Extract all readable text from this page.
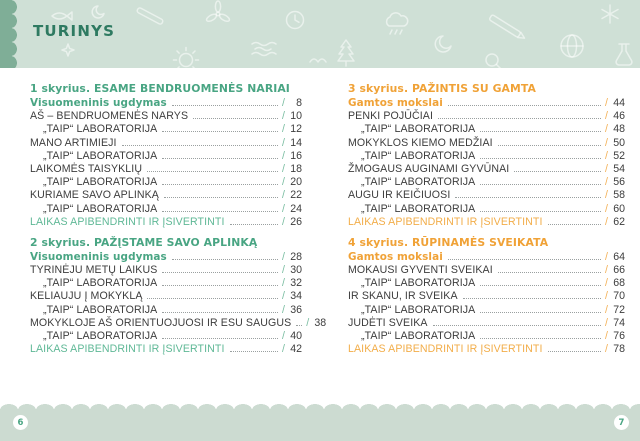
TURINYS
1 skyrius. ESAME BENDRUOMENĖS NARIAI
Visuomeninis ugdymas	/	8
AŠ – BENDRUOMENĖS NARYS	/ 10
„TAIP“ LABORATORIJA	/ 12
MANO ARTIMIEJI	/ 14
„TAIP“ LABORATORIJA	/ 16
LAIKOMĖS TAISYKLIŲ	/ 18
„TAIP“ LABORATORIJA	/ 20
KURIAME SAVO APLINKĄ	/ 22
„TAIP“ LABORATORIJA	/ 24
LAIKAS APIBENDRINTI IR ĮSIVERTINTI	/ 26
2 skyrius. PAŽĮSTAME SAVO APLINKĄ
Visuomeninis ugdymas	/ 28
TYRINĖJU METŲ LAIKUS	/ 30
„TAIP“ LABORATORIJA	/ 32
KELIAUJU Į MOKYKLĄ	/ 34
„TAIP“ LABORATORIJA	/ 36
MOKYKLOJE AŠ ORIENTUOJUOSI IR ESU SAUGUS / 38
„TAIP“ LABORATORIJA	/ 40
LAIKAS APIBENDRINTI IR ĮSIVERTINTI	/ 42
3 skyrius. PAŽINTIS SU GAMTA
Gamtos mokslai	/ 44
PENKI POJŪČIAI	/ 46
„TAIP“ LABORATORIJA	/ 48
MOKYKLOS KIEMO MEDŽIAI	/ 50
„TAIP“ LABORATORIJA	/ 52
ŽMOGAUS AUGINAMI GYVŪNAI	/ 54
„TAIP“ LABORATORIJA	/ 56
AUGU IR KEIČIUOSI	/ 58
„TAIP“ LABORATORIJA	/ 60
LAIKAS APIBENDRINTI IR ĮSIVERTINTI	/ 62
4 skyrius. RŪPINAMĖS SVEIKATA
Gamtos mokslai	/ 64
MOKAUSI GYVENTI SVEIKAI	/ 66
„TAIP“ LABORATORIJA	/ 68
IR SKANU, IR SVEIKA	/ 70
„TAIP“ LABORATORIJA	/ 72
JUDĖTI SVEIKA	/ 74
„TAIP“ LABORATORIJA	/ 76
LAIKAS APIBENDRINTI IR ĮSIVERTINTI	/ 78
6	7
